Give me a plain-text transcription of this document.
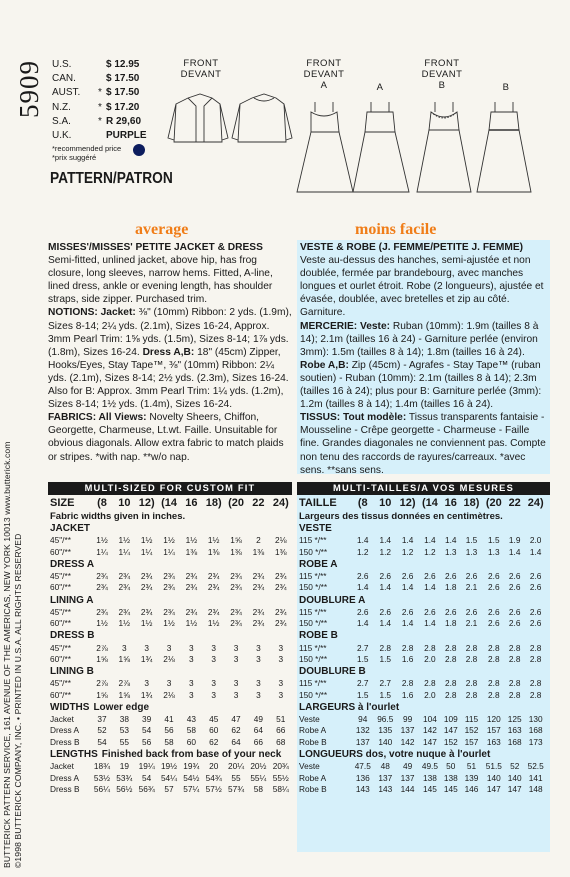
BUTTERICK PATTERN SERVICE, 161 AVENUE OF THE AMERICAS, NEW YORK 10013 www.butterick.com ©1998 BUTTERICK COMPANY, INC. • PRINTED IN U.S.A. ALL RIGHTS RESERVED
5909 U.S.	$ 12.95
CAN.	$ 17.50
AUST.	* $ 17.50
N.Z.	* $ 17.20
S.A.	* R 29,60
U.K.	PURPLE
*recommended price
*prix suggéré
PATTERN/PATRON
FRONT
DEVANT
FRONT
DEVANT
A	A
FRONT
DEVANT
B	B
average	moins facile

MISSES'/MISSES' PETITE JACKET & DRESS

Semi-fitted, unlined jacket, above hip, has frog closure, long sleeves, narrow hems. Fitted, A-line, lined dress, ankle or evening length, has shoulder straps, side zipper. Purchased trim.

NOTIONS: Jacket: ⅜" (10mm) Ribbon: 2 yds. (1.9m), Sizes 8-14; 2¼ yds. (2.1m), Sizes 16-24, Approx. 3mm Pearl Trim: 1⅝ yds. (1.5m), Sizes 8-14; 1⅞ yds. (1.8m), Sizes 16-24. Dress A,B: 18" (45cm) Zipper, Hooks/Eyes, Stay Tape™, ⅜" (10mm) Ribbon: 2¼ yds. (2.1m), Sizes 8-14; 2½ yds. (2.3m), Sizes 16-24. Also for B: Approx. 3mm Pearl Trim: 1¼ yds. (1.2m), Sizes 8-14; 1½ yds. (1.4m), Sizes 16-24.

FABRICS: All Views: Novelty Sheers, Chiffon, Georgette, Charmeuse, Lt.wt. Faille. Unsuitable for obvious diagonals. Allow extra fabric to match plaids or stripes. *with nap. **w/o nap.

VESTE & ROBE (J. FEMME/PETITE J. FEMME)

Veste au-dessus des hanches, semi-ajustée et non doublée, fermée par brandebourg, avec manches longues et ourlet étroit. Robe (2 longueurs), ajustée et évasée, doublée, avec bretelles et zip au côté. Garniture.

MERCERIE: Veste: Ruban (10mm): 1.9m (tailles 8 à 14); 2.1m (tailles 16 à 24) - Garniture perlée (environ 3mm): 1.5m (tailles 8 à 14); 1.8m (tailles 16 à 24). Robe A,B: Zip (45cm) - Agrafes - Stay Tape™ (ruban soutien) - Ruban (10mm): 2.1m (tailles 8 à 14); 2.3m (tailles 16 à 24); plus pour B: Garniture perlée (3mm): 1.2m (tailles 8 à 14); 1.4m (tailles 16 à 24).

TISSUS: Tout modèle: Tissus transparents fantaisie - Mousseline - Crêpe georgette - Charmeuse - Faille fine. Grandes diagonales ne conviennent pas. Compte non tenu des raccords de rayures/carreaux. *avec sens. **sans sens.

MULTI-SIZED FOR CUSTOM FIT	MULTI-TAILLES/A VOS MESURES
SIZE	(8	10	12)	(14	16	18)	(20	22	24)
Fabric widths given in inches.									
JACKET									
45"/**	1½	1½	1½	1½	1½	1½	1⅝	2	2⅛
60"/**	1¼	1¼	1¼	1¼	1⅜	1⅜	1⅜	1⅜	1⅜
DRESS A									
45"/**	2¾	2¾	2¾	2¾	2¾	2¾	2¾	2¾	2¾
60"/**	2¾	2¾	2¾	2¾	2¾	2¾	2¾	2¾	2¾
LINING A									
45"/**	2¾	2¾	2¾	2¾	2¾	2¾	2¾	2¾	2¾
60"/**	1½	1½	1½	1½	1½	1½	2¾	2¾	2¾
DRESS B									
45"/**	2⅞	3	3	3	3	3	3	3	3
60"/**	1⅝	1⅝	1¾	2⅛	3	3	3	3	3
LINING B									
45"/**	2⅞	2⅞	3	3	3	3	3	3	3
60"/**	1⅝	1⅝	1¾	2⅛	3	3	3	3	3
WIDTHS Lower edge									
Jacket	37	38	39	41	43	45	47	49	51
Dress A	52	53	54	56	58	60	62	64	66
Dress B	54	55	56	58	60	62	64	66	68
LENGTHS Finished back from base of your neck									
Jacket	18¾	19	19¼	19½	19¾	20	20¼	20½	20¾
Dress A	53½	53¾	54	54¼	54½	54¾	55	55¼	55½
Dress B	56¼	56½	56¾	57	57¼	57½	57¾	58	58¼
TAILLE	(8	10	12)	(14	16	18)	(20	22	24)
Largeurs des tissus données en centimètres.									
VESTE									
115 */**	1.4	1.4	1.4	1.4	1.4	1.5	1.5	1.9	2.0
150 */**	1.2	1.2	1.2	1.2	1.3	1.3	1.3	1.4	1.4
ROBE A									
115 */**	2.6	2.6	2.6	2.6	2.6	2.6	2.6	2.6	2.6
150 */**	1.4	1.4	1.4	1.4	1.8	2.1	2.6	2.6	2.6
DOUBLURE A									
115 */**	2.6	2.6	2.6	2.6	2.6	2.6	2.6	2.6	2.6
150 */**	1.4	1.4	1.4	1.4	1.8	2.1	2.6	2.6	2.6
ROBE B									
115 */**	2.7	2.8	2.8	2.8	2.8	2.8	2.8	2.8	2.8
150 */**	1.5	1.5	1.6	2.0	2.8	2.8	2.8	2.8	2.8
DOUBLURE B									
115 */**	2.7	2.7	2.8	2.8	2.8	2.8	2.8	2.8	2.8
150 */**	1.5	1.5	1.6	2.0	2.8	2.8	2.8	2.8	2.8
LARGEURS à l'ourlet									
Veste	94	96.5	99	104	109	115	120	125	130
Robe A	132	135	137	142	147	152	157	163	168
Robe B	137	140	142	147	152	157	163	168	173
LONGUEURS dos, votre nuque à l'ourlet									
Veste	47.5	48	49	49.5	50	51	51.5	52	52.5
Robe A	136	137	137	138	138	139	140	140	141
Robe B	143	143	144	145	145	146	147	147	148
